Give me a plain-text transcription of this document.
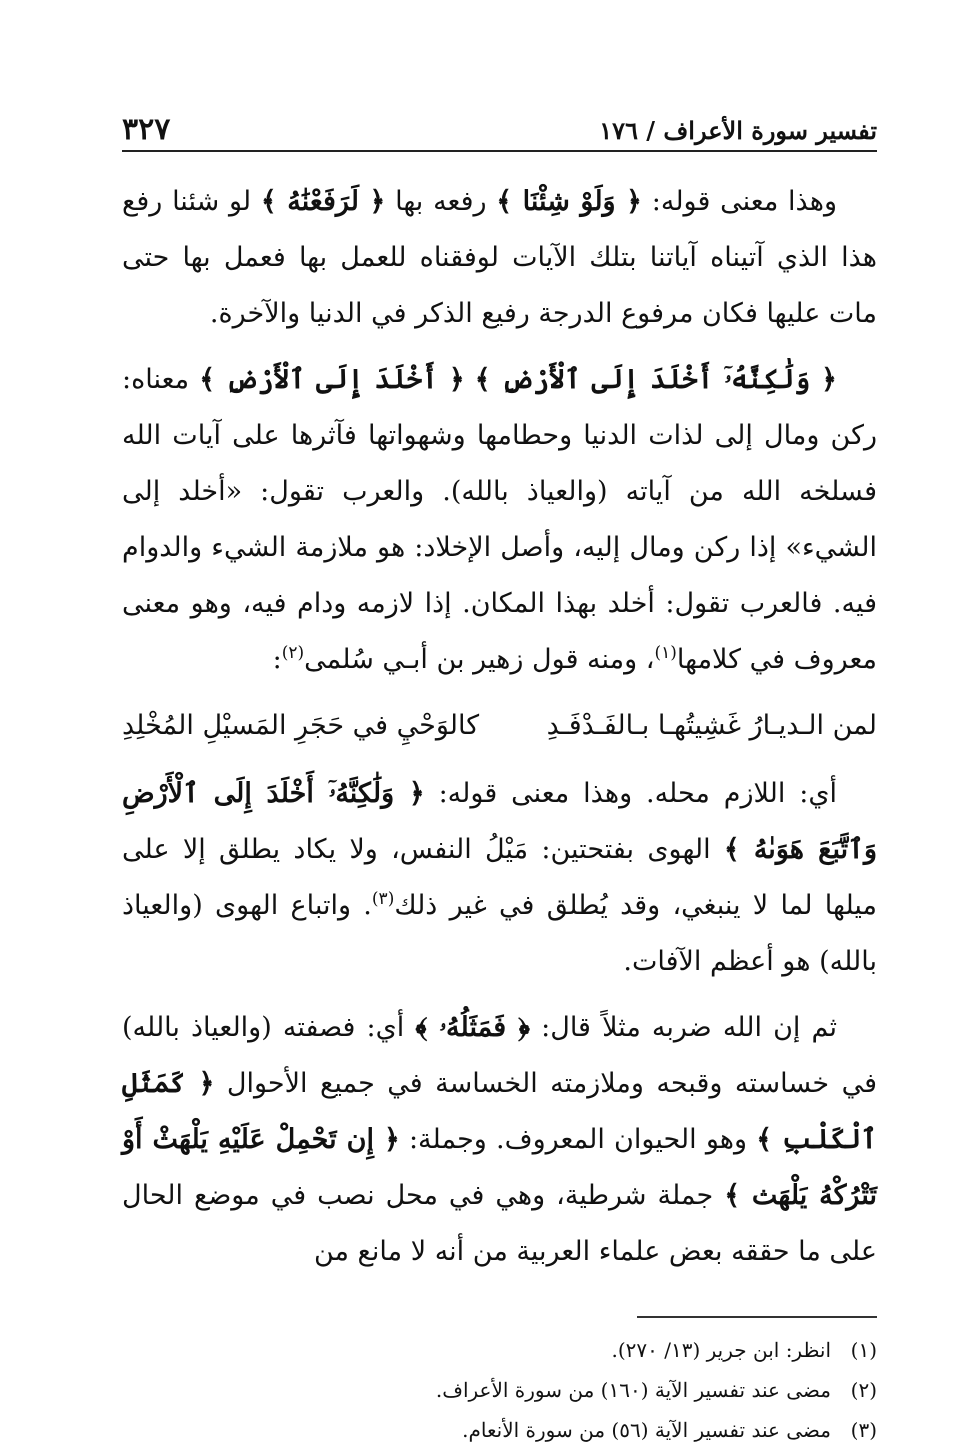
تفسير سورة الأعراف / ١٧٦
٣٢٧

وهذا معنى قوله: ﴿ وَلَوْ شِئْنَا ﴾ رفعه بها ﴿ لَرَفَعْنَٰهُ ﴾ لو شئنا رفع هذا الذي آتيناه آياتنا بتلك الآيات لوفقناه للعمل بها فعمل بها حتى مات عليها فكان مرفوع الدرجة رفيع الذكر في الدنيا والآخرة.

﴿ وَلَٰكِنَّهُۥٓ أَخْلَدَ إِلَى ٱلْأَرْضِ ﴾ ﴿ أَخْلَدَ إِلَى ٱلْأَرْضِ ﴾ معناه: ركن ومال إلى لذات الدنيا وحطامها وشهواتها فآثرها على آيات الله فسلخه الله من آياته (والعياذ بالله). والعرب تقول: «أخلد إلى الشيء» إذا ركن ومال إليه، وأصل الإخلاد: هو ملازمة الشيء والدوام فيه. فالعرب تقول: أخلد بهذا المكان. إذا لازمه ودام فيه، وهو معنى معروف في كلامها$^{(١)}$، ومنه قول زهير بن أبـي سُلمى$^{(٢)}$:

لمن الـديـارُ غَشِيتُهـا بـالفَـدْفَـدِ
كالوَحْيِ في حَجَرِ المَسيْلِ المُخْلِدِ

أي: اللازم محله. وهذا معنى قوله: ﴿ وَلَٰكِنَّهُۥٓ أَخْلَدَ إِلَى ٱلْأَرْضِ وَٱتَّبَعَ هَوَىٰهُ ﴾ الهوى بفتحتين: مَيْلُ النفس، ولا يكاد يطلق إلا على ميلها لما لا ينبغي، وقد يُطلق في غير ذلك$^{(٣)}$. واتباع الهوى (والعياذ بالله) هو أعظم الآفات.

ثم إن الله ضربه مثلاً قال: ﴿ فَمَثَلُهُۥ ﴾ أي: فصفته (والعياذ بالله) في خساسته وقبحه وملازمته الخساسة في جميع الأحوال ﴿ كَمَثَلِ ٱلْكَلْبِ ﴾ وهو الحيوان المعروف. وجملة: ﴿ إِن تَحْمِلْ عَلَيْهِ يَلْهَثْ أَوْ تَتْرُكْهُ يَلْهَث ﴾ جملة شرطية، وهي في محل نصب في موضع الحال على ما حققه بعض علماء العربية من أنه لا مانع من

(١)
انظر: ابن جرير (١٣/ ٢٧٠).
(٢)
مضى عند تفسير الآية (١٦٠) من سورة الأعراف.
(٣)
مضى عند تفسير الآية (٥٦) من سورة الأنعام.
